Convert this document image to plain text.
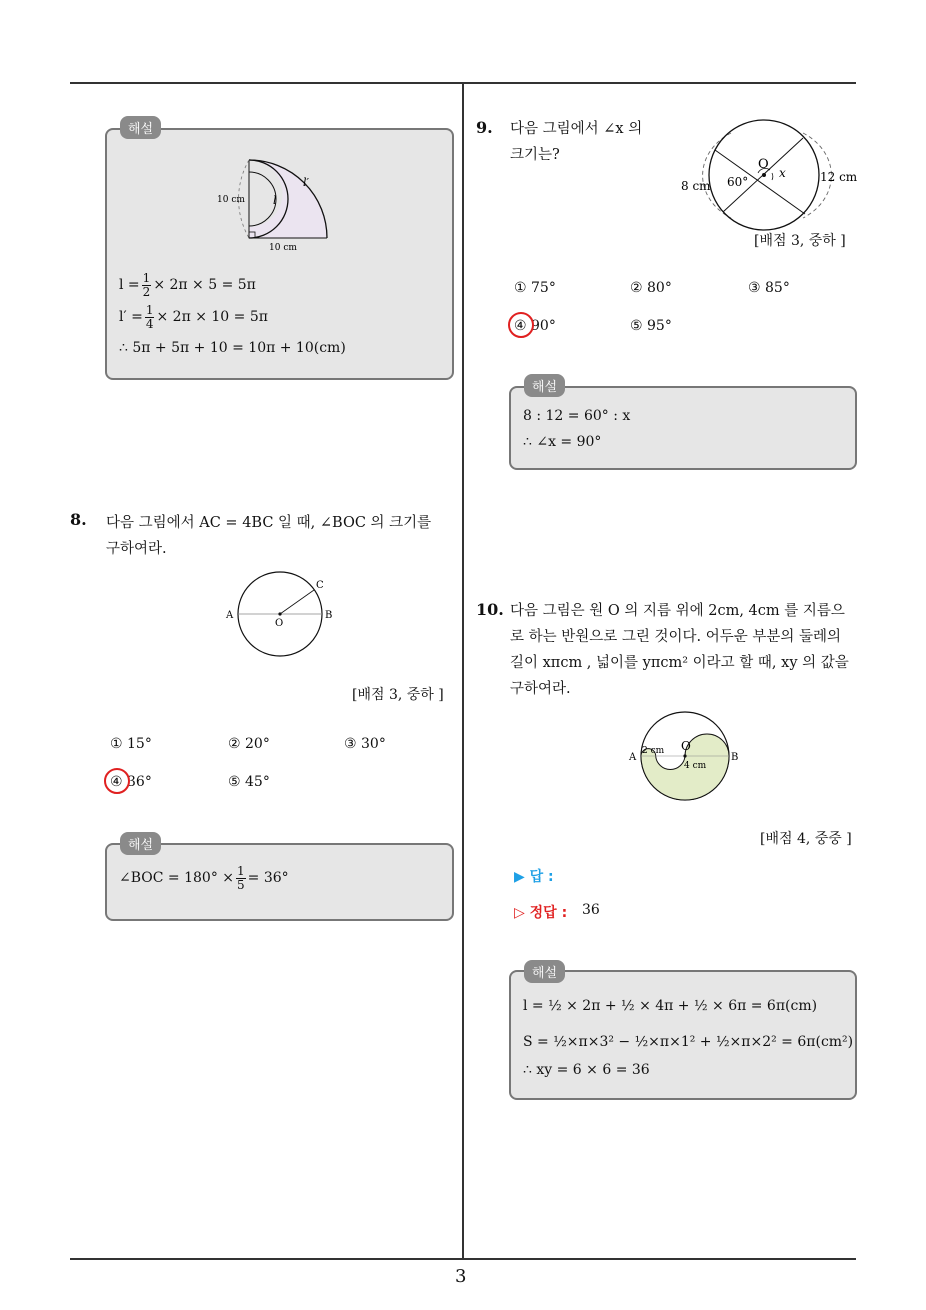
3
l′
l
10 cm
10 cm
$l = \frac{1}{2} \times 2\pi \times 5 = 5\pi$
$l' = \frac{1}{4} \times 2\pi \times 10 = 5\pi$
∴ 5π + 5π + 10 = 10π + 10(cm)
해설
8. 다음 그림에서 AC = 4BC 일 때, ∠BOC 의 크기를
구하여라.
A	B
C
O
[배점 3, 중하 ]
① 15°	② 20°	③ 30°
④ 36°	⑤ 45°
∠BOC = $180^\circ \times \frac{1}{5} = 36^\circ$
해설
9. 다음 그림에서 ∠x 의
크기는?
O
x
60°
8 cm
12 cm
[배점 3, 중하 ]
① 75°	② 80°	③ 85°
④ 90°	⑤ 95°
8 : 12 = 60° : x
∴ ∠x = 90°
해설
10. 다음 그림은 원 O 의 지름 위에 2cm, 4cm 를 지름으
로 하는 반원으로 그린 것이다. 어두운 부분의 둘레의
길이 xπcm , 넓이를 yπcm² 이라고 할 때, xy 의 값을
구하여라.
A	B
O
2 cm
4 cm
[배점 4, 중중 ]
▶ 답 :
▷ 정답 : 36
l = ½ × 2π + ½ × 4π + ½ × 6π = 6π(cm)
S = ½×π×3² − ½×π×1² + ½×π×2² = 6π(cm²)
∴ xy = 6 × 6 = 36
해설
